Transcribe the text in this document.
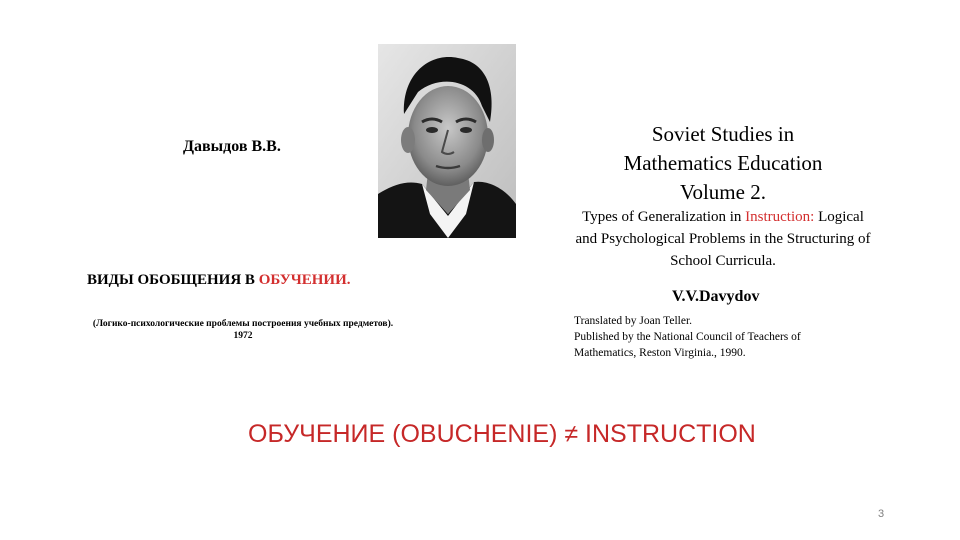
Давыдов В.В.
ВИДЫ ОБОБЩЕНИЯ В ОБУЧЕНИИ.
(Логико-психологические проблемы построения учебных предметов).
1972
Soviet Studies in
Mathematics Education
Volume 2.
Types of Generalization in Instruction: Logical and Psychological Problems in the Structuring of School Curricula.
V.V.Davydov
Translated by Joan Teller.
Published by the National Council of Teachers of Mathematics, Reston Virginia., 1990.
ОБУЧЕНИЕ (OBUCHENIE) ≠ INSTRUCTION
3
